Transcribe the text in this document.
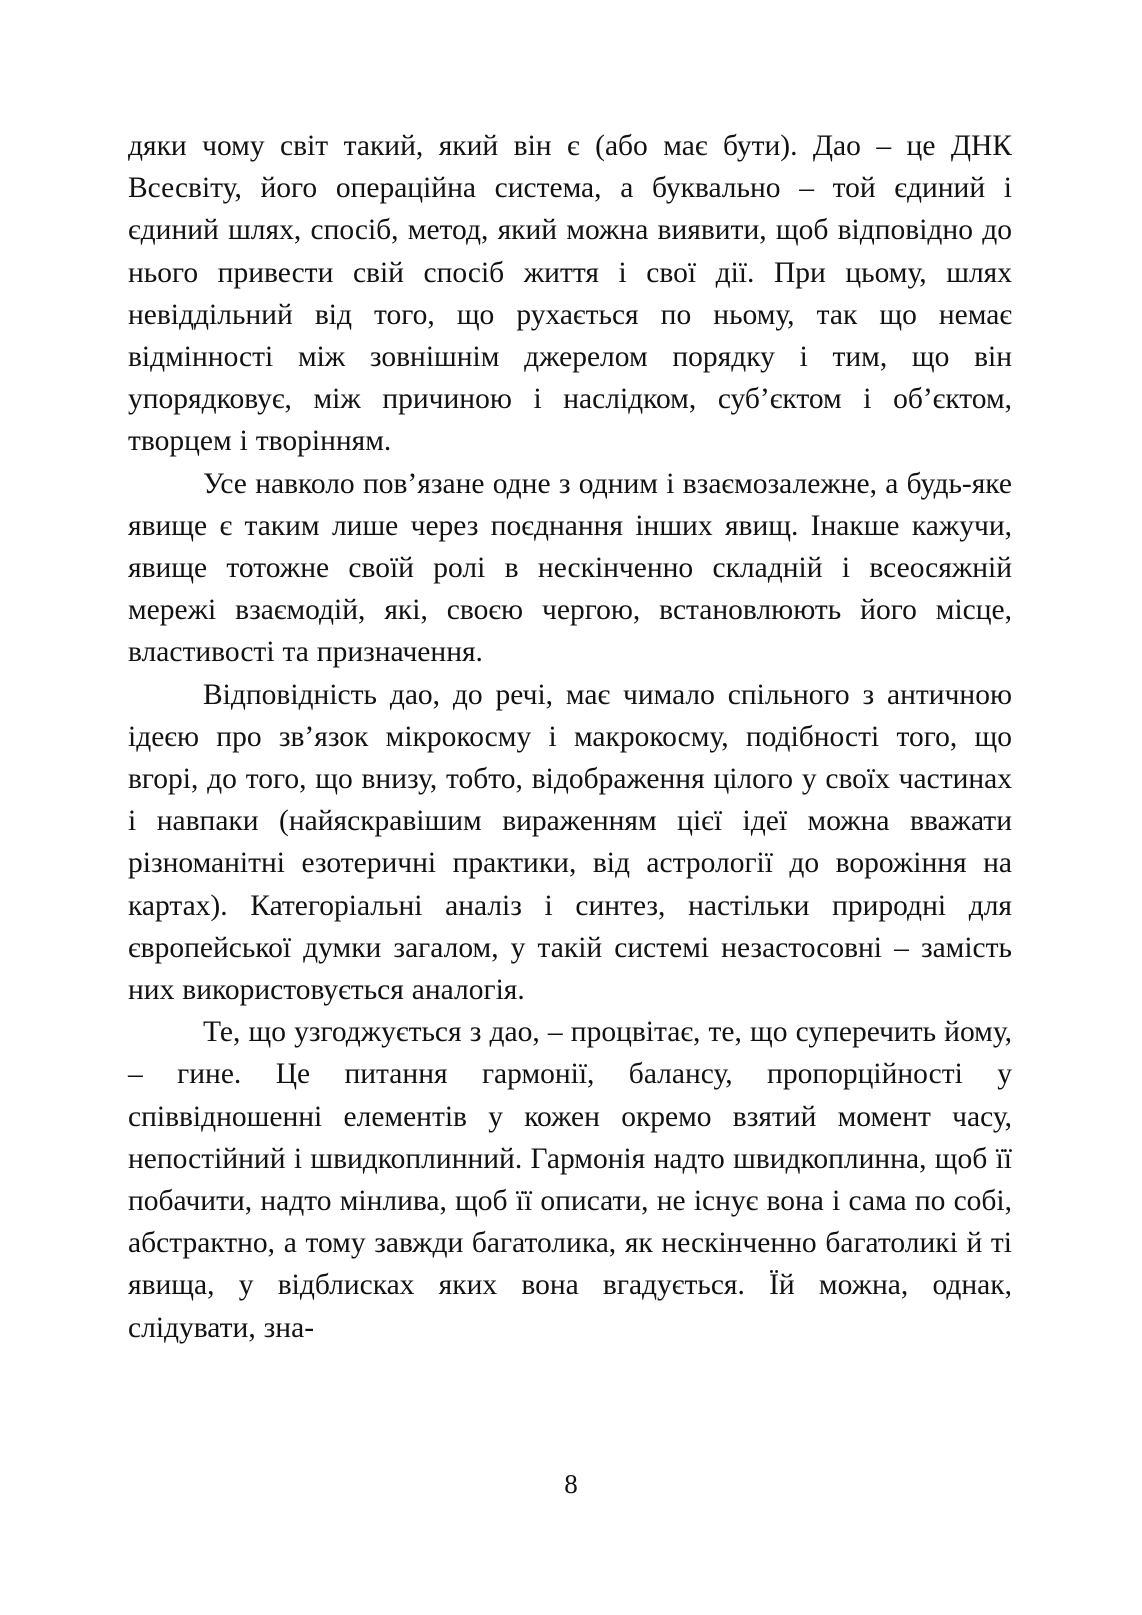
дяки чому світ такий, який він є (або має бути). Дао – це ДНК Всесвіту, його операційна система, а буквально – той єдиний і єдиний шлях, спосіб, метод, який можна виявити, щоб відповідно до нього привести свій спосіб життя і свої дії. При цьому, шлях невіддільний від того, що рухається по ньому, так що немає відмінності між зовнішнім джерелом порядку і тим, що він упорядковує, між причиною і наслідком, суб’єктом і об’єктом, творцем і творінням.

Усе навколо пов’язане одне з одним і взаємозалежне, а будь-яке явище є таким лише через поєднання інших явищ. Інакше кажучи, явище тотожне своїй ролі в нескінченно складній і всеосяжній мережі взаємодій, які, своєю чергою, встановлюють його місце, властивості та призначення.

Відповідність дао, до речі, має чимало спільного з античною ідеєю про зв’язок мікрокосму і макрокосму, подібності того, що вгорі, до того, що внизу, тобто, відображення цілого у своїх частинах і навпаки (найяскравішим вираженням цієї ідеї можна вважати різноманітні езотеричні практики, від астрології до ворожіння на картах). Категоріальні аналіз і синтез, настільки природні для європейської думки загалом, у такій системі незастосовні – замість них використовується аналогія.

Те, що узгоджується з дао, – процвітає, те, що суперечить йому, – гине. Це питання гармонії, балансу, пропорційності у співвідношенні елементів у кожен окремо взятий момент часу, непостійний і швидкоплинний. Гармонія надто швидкоплинна, щоб її побачити, надто мінлива, щоб її описати, не існує вона і сама по собі, абстрактно, а тому завжди багатолика, як нескінченно багатоликі й ті явища, у відблисках яких вона вгадується. Їй можна, однак, слідувати, зна-

8
